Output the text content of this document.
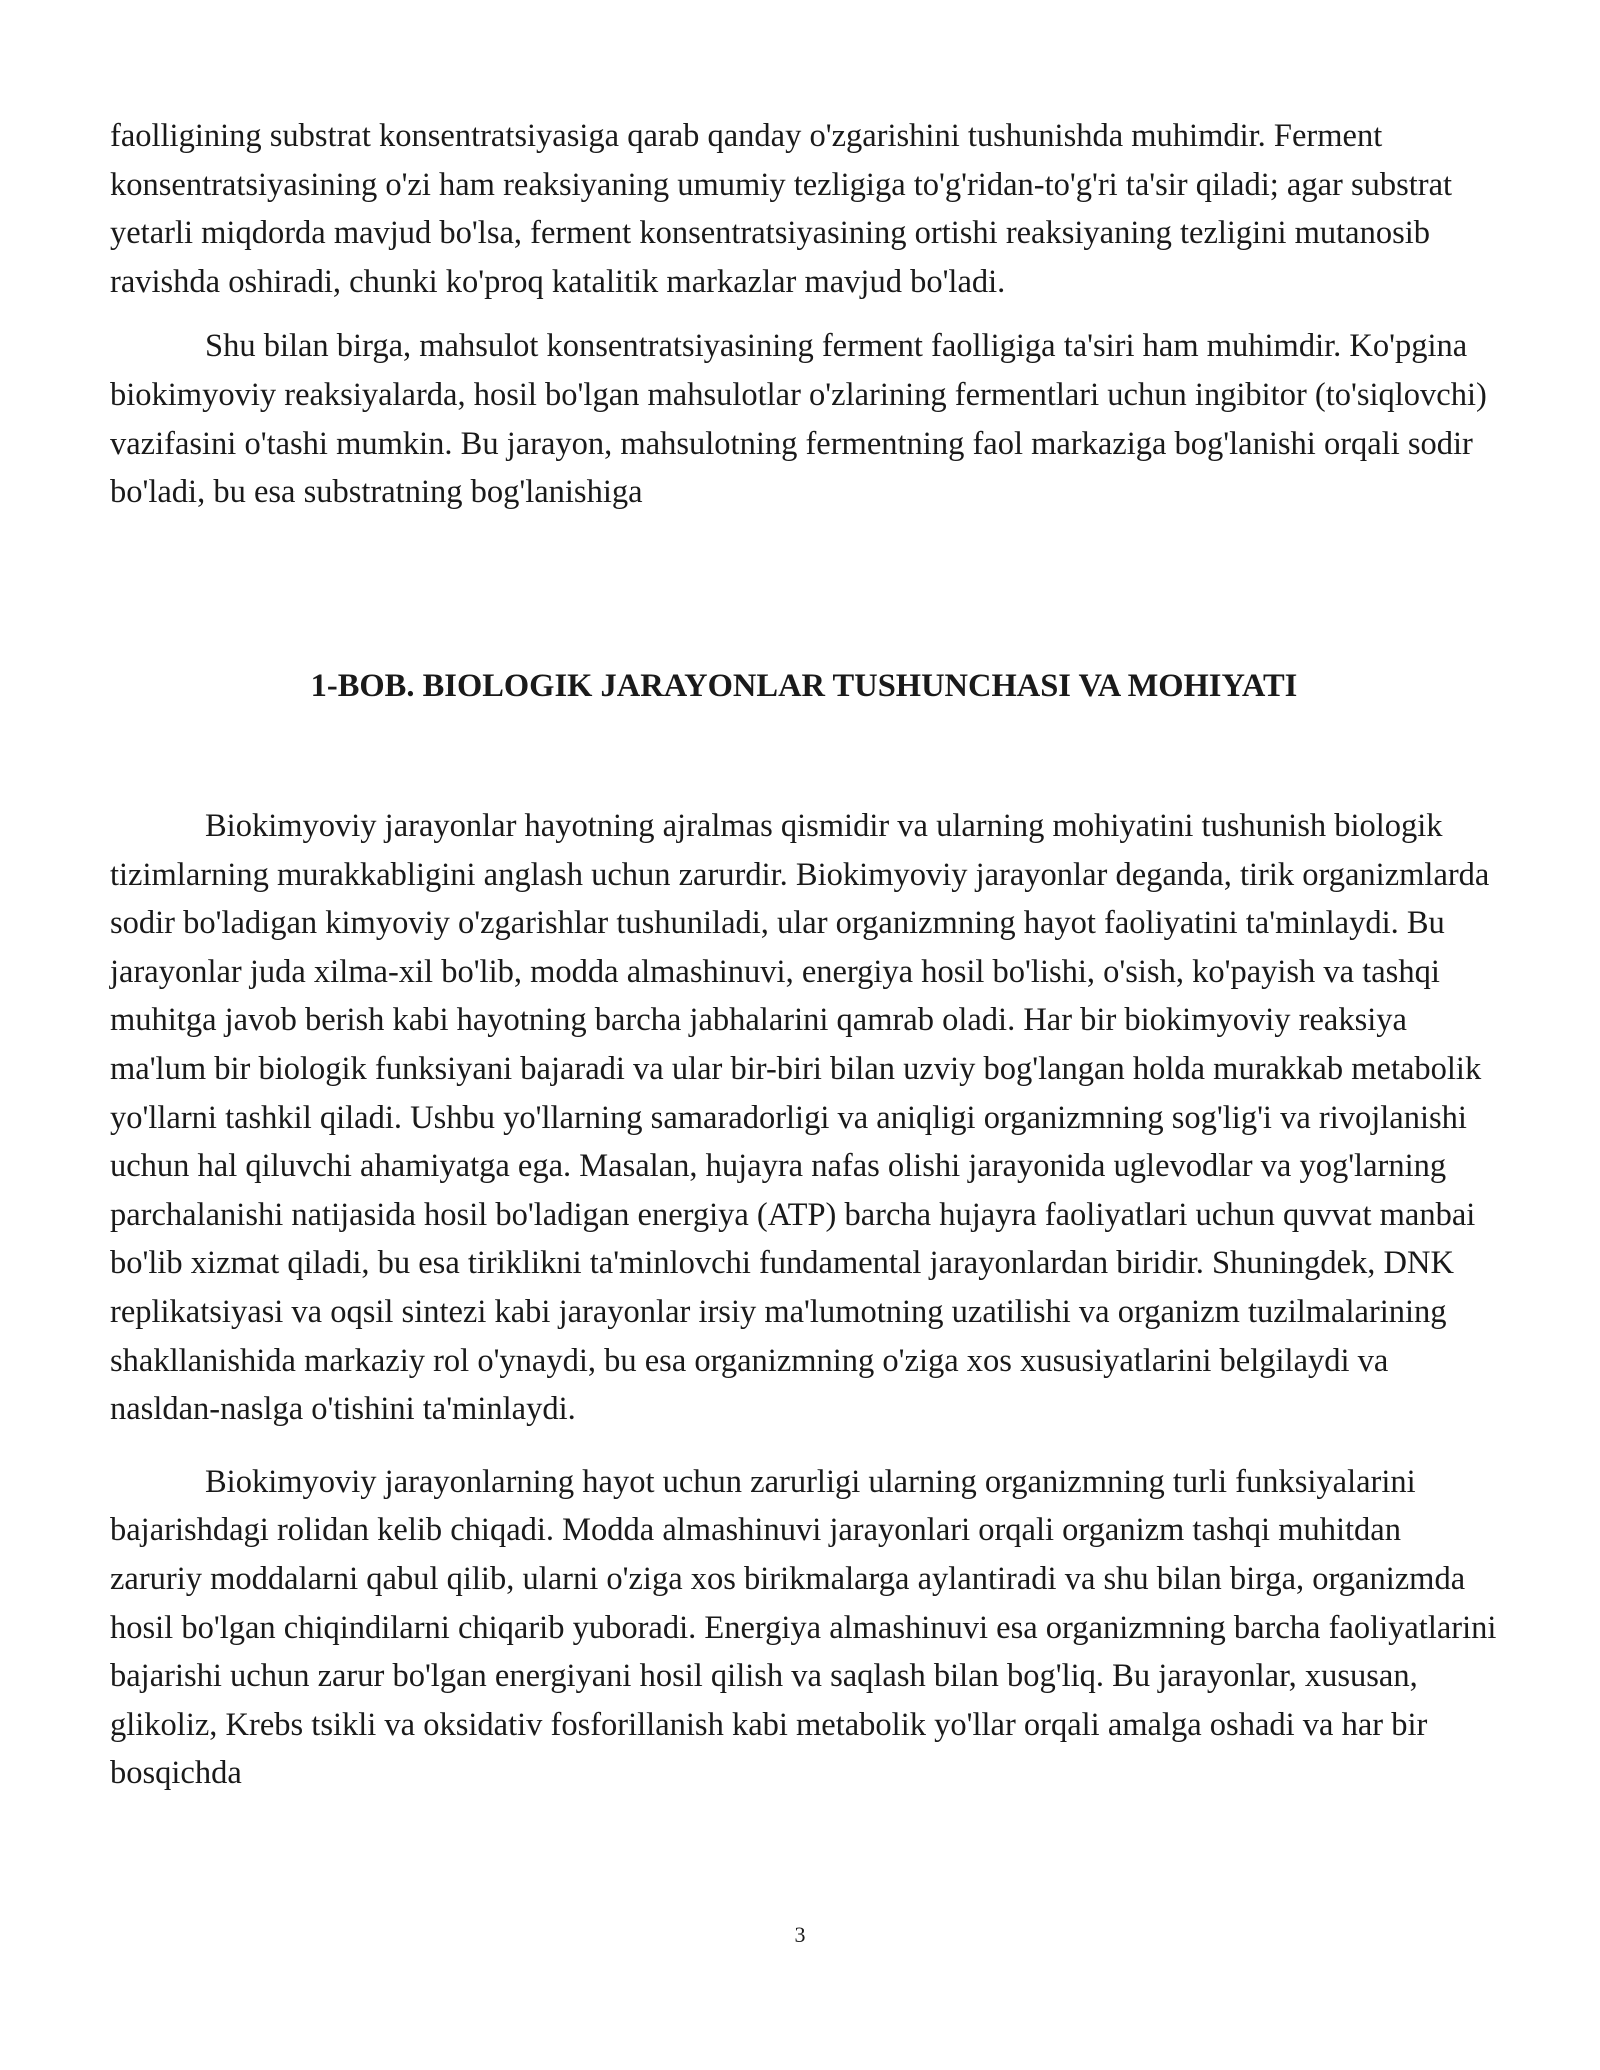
faolligining substrat konsentratsiyasiga qarab qanday o'zgarishini tushunishda muhimdir. Ferment konsentratsiyasining o'zi ham reaksiyaning umumiy tezligiga to'g'ridan-to'g'ri ta'sir qiladi; agar substrat yetarli miqdorda mavjud bo'lsa, ferment konsentratsiyasining ortishi reaksiyaning tezligini mutanosib ravishda oshiradi, chunki ko'proq katalitik markazlar mavjud bo'ladi.

Shu bilan birga, mahsulot konsentratsiyasining ferment faolligiga ta'siri ham muhimdir. Ko'pgina biokimyoviy reaksiyalarda, hosil bo'lgan mahsulotlar o'zlarining fermentlari uchun ingibitor (to'siqlovchi) vazifasini o'tashi mumkin. Bu jarayon, mahsulotning fermentning faol markaziga bog'lanishi orqali sodir bo'ladi, bu esa substratning bog'lanishiga

1-BOB. BIOLOGIK JARAYONLAR TUSHUNCHASI VA MOHIYATI

Biokimyoviy jarayonlar hayotning ajralmas qismidir va ularning mohiyatini tushunish biologik tizimlarning murakkabligini anglash uchun zarurdir. Biokimyoviy jarayonlar deganda, tirik organizmlarda sodir bo'ladigan kimyoviy o'zgarishlar tushuniladi, ular organizmning hayot faoliyatini ta'minlaydi. Bu jarayonlar juda xilma-xil bo'lib, modda almashinuvi, energiya hosil bo'lishi, o'sish, ko'payish va tashqi muhitga javob berish kabi hayotning barcha jabhalarini qamrab oladi. Har bir biokimyoviy reaksiya ma'lum bir biologik funksiyani bajaradi va ular bir-biri bilan uzviy bog'langan holda murakkab metabolik yo'llarni tashkil qiladi. Ushbu yo'llarning samaradorligi va aniqligi organizmning sog'lig'i va rivojlanishi uchun hal qiluvchi ahamiyatga ega. Masalan, hujayra nafas olishi jarayonida uglevodlar va yog'larning parchalanishi natijasida hosil bo'ladigan energiya (ATP) barcha hujayra faoliyatlari uchun quvvat manbai bo'lib xizmat qiladi, bu esa tiriklikni ta'minlovchi fundamental jarayonlardan biridir. Shuningdek, DNK replikatsiyasi va oqsil sintezi kabi jarayonlar irsiy ma'lumotning uzatilishi va organizm tuzilmalarining shakllanishida markaziy rol o'ynaydi, bu esa organizmning o'ziga xos xususiyatlarini belgilaydi va nasldan-naslga o'tishini ta'minlaydi.

Biokimyoviy jarayonlarning hayot uchun zarurligi ularning organizmning turli funksiyalarini bajarishdagi rolidan kelib chiqadi. Modda almashinuvi jarayonlari orqali organizm tashqi muhitdan zaruriy moddalarni qabul qilib, ularni o'ziga xos birikmalarga aylantiradi va shu bilan birga, organizmda hosil bo'lgan chiqindilarni chiqarib yuboradi. Energiya almashinuvi esa organizmning barcha faoliyatlarini bajarishi uchun zarur bo'lgan energiyani hosil qilish va saqlash bilan bog'liq. Bu jarayonlar, xususan, glikoliz, Krebs tsikli va oksidativ fosforillanish kabi metabolik yo'llar orqali amalga oshadi va har bir bosqichda

3
